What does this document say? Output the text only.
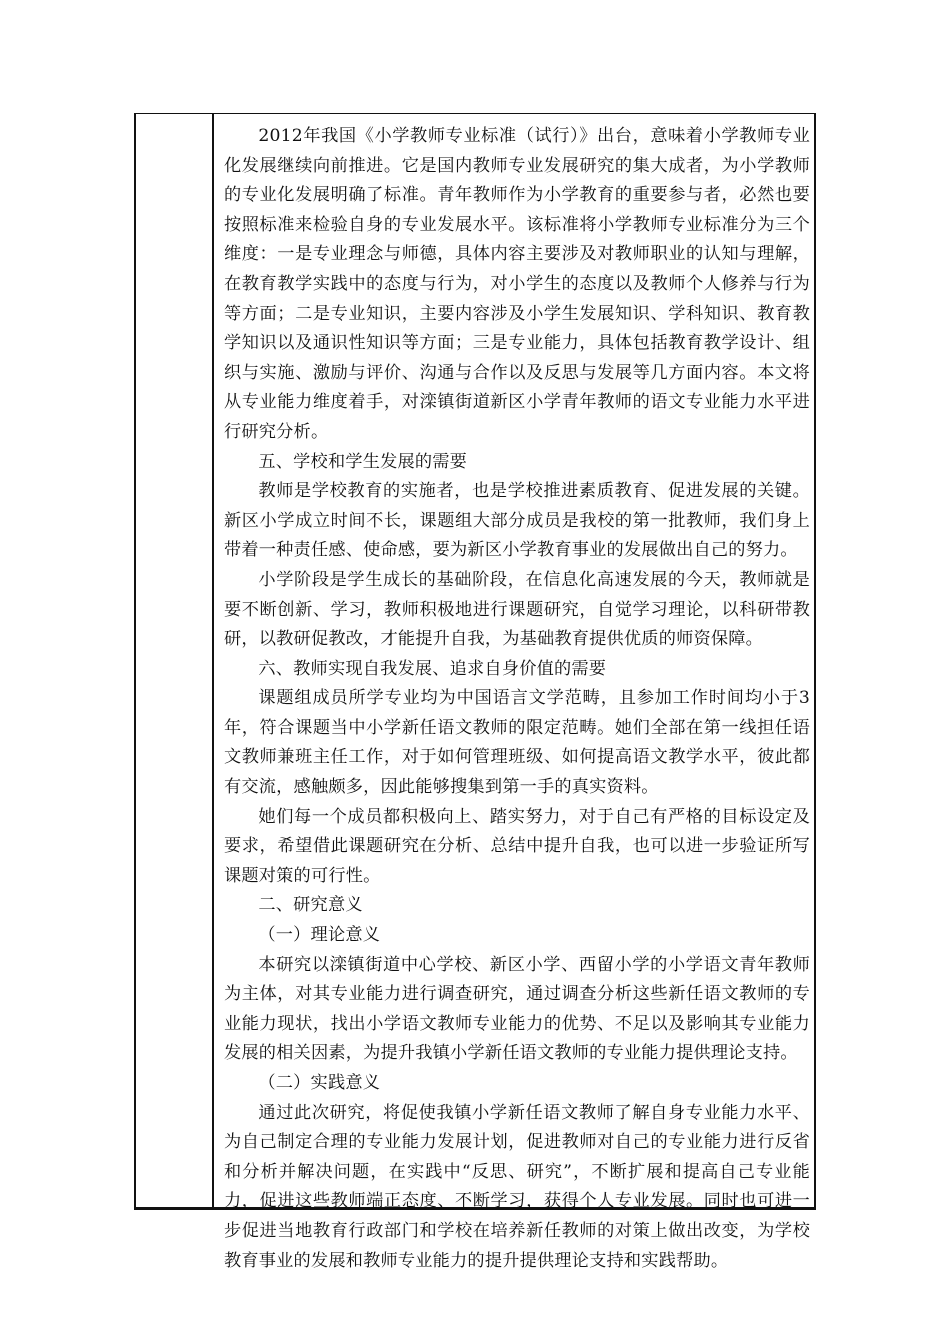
2012年我国《小学教师专业标准（试行）》出台，意味着小学教师专业化发展继续向前推进。它是国内教师专业发展研究的集大成者，为小学教师的专业化发展明确了标准。青年教师作为小学教育的重要参与者，必然也要按照标准来检验自身的专业发展水平。该标准将小学教师专业标准分为三个维度：一是专业理念与师德，具体内容主要涉及对教师职业的认知与理解，在教育教学实践中的态度与行为，对小学生的态度以及教师个人修养与行为等方面；二是专业知识，主要内容涉及小学生发展知识、学科知识、教育教学知识以及通识性知识等方面；三是专业能力，具体包括教育教学设计、组织与实施、激励与评价、沟通与合作以及反思与发展等几方面内容。本文将从专业能力维度着手，对滦镇街道新区小学青年教师的语文专业能力水平进行研究分析。

五、学校和学生发展的需要

教师是学校教育的实施者，也是学校推进素质教育、促进发展的关键。新区小学成立时间不长，课题组大部分成员是我校的第一批教师，我们身上带着一种责任感、使命感，要为新区小学教育事业的发展做出自己的努力。

小学阶段是学生成长的基础阶段，在信息化高速发展的今天，教师就是要不断创新、学习，教师积极地进行课题研究，自觉学习理论，以科研带教研，以教研促教改，才能提升自我，为基础教育提供优质的师资保障。

六、教师实现自我发展、追求自身价值的需要

课题组成员所学专业均为中国语言文学范畴，且参加工作时间均小于3年，符合课题当中小学新任语文教师的限定范畴。她们全部在第一线担任语文教师兼班主任工作，对于如何管理班级、如何提高语文教学水平，彼此都有交流，感触颇多，因此能够搜集到第一手的真实资料。

她们每一个成员都积极向上、踏实努力，对于自己有严格的目标设定及要求，希望借此课题研究在分析、总结中提升自我，也可以进一步验证所写课题对策的可行性。

二、研究意义

（一）理论意义

本研究以滦镇街道中心学校、新区小学、西留小学的小学语文青年教师为主体，对其专业能力进行调查研究，通过调查分析这些新任语文教师的专业能力现状，找出小学语文教师专业能力的优势、不足以及影响其专业能力发展的相关因素，为提升我镇小学新任语文教师的专业能力提供理论支持。

（二）实践意义

通过此次研究，将促使我镇小学新任语文教师了解自身专业能力水平、为自己制定合理的专业能力发展计划，促进教师对自己的专业能力进行反省和分析并解决问题，在实践中“反思、研究”，不断扩展和提高自己专业能力，促进这些教师端正态度、不断学习，获得个人专业发展。同时也可进一步促进当地教育行政部门和学校在培养新任教师的对策上做出改变，为学校教育事业的发展和教师专业能力的提升提供理论支持和实践帮助。
